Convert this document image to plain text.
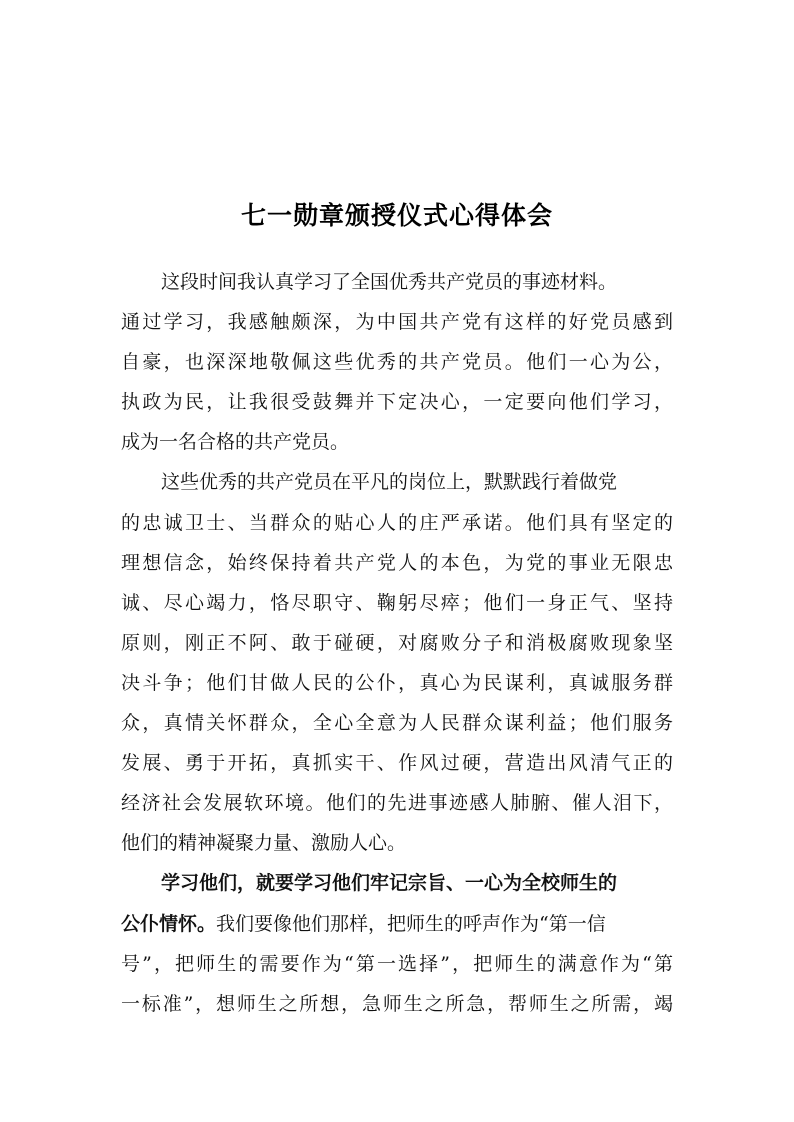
七一勋章颁授仪式心得体会
这段时间我认真学习了全国优秀共产党员的事迹材料。
通过学习，我感触颇深，为中国共产党有这样的好党员感到
自豪，也深深地敬佩这些优秀的共产党员。他们一心为公，
执政为民，让我很受鼓舞并下定决心，一定要向他们学习，
成为一名合格的共产党员。
这些优秀的共产党员在平凡的岗位上，默默践行着做党
的忠诚卫士、当群众的贴心人的庄严承诺。他们具有坚定的
理想信念，始终保持着共产党人的本色，为党的事业无限忠
诚、尽心竭力，恪尽职守、鞠躬尽瘁；他们一身正气、坚持
原则，刚正不阿、敢于碰硬，对腐败分子和消极腐败现象坚
决斗争；他们甘做人民的公仆，真心为民谋利，真诚服务群
众，真情关怀群众，全心全意为人民群众谋利益；他们服务
发展、勇于开拓，真抓实干、作风过硬，营造出风清气正的
经济社会发展软环境。他们的先进事迹感人肺腑、催人泪下，
他们的精神凝聚力量、激励人心。
学习他们，就要学习他们牢记宗旨、一心为全校师生的
公仆情怀。我们要像他们那样，把师生的呼声作为“第一信
号”，把师生的需要作为“第一选择”，把师生的满意作为“第
一标准”，想师生之所想，急师生之所急，帮师生之所需，竭
